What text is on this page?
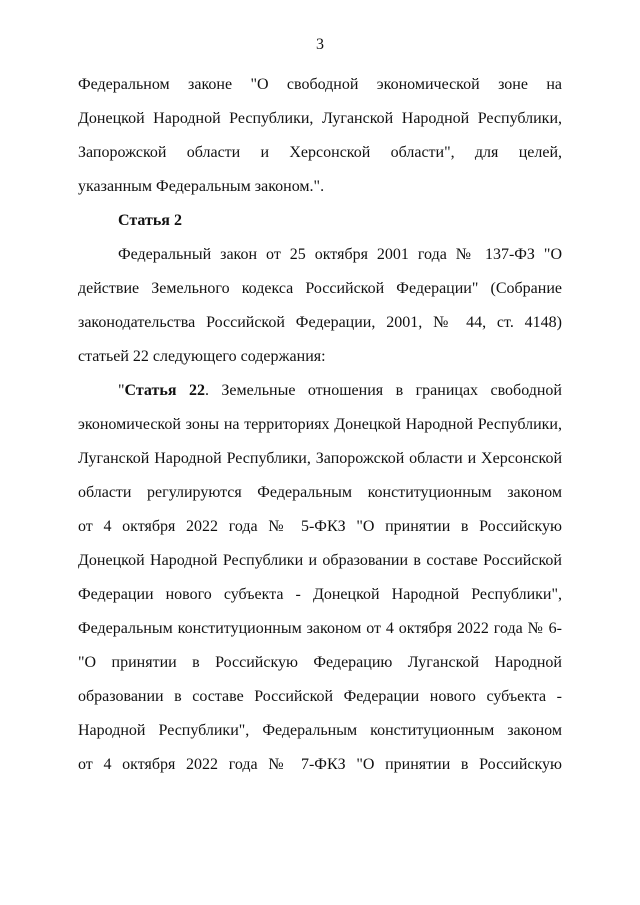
3
Федеральном законе "О свободной экономической зоне на
Донецкой Народной Республики, Луганской Народной Республики,
Запорожской области и Херсонской области", для целей,
указанным Федеральным законом.".
Статья 2
Федеральный закон от 25 октября 2001 года № 137-ФЗ "О
действие Земельного кодекса Российской Федерации" (Собрание
законодательства Российской Федерации, 2001, № 44, ст. 4148)
статьей 22 следующего содержания:
"Статья 22. Земельные отношения в границах свободной
экономической зоны на территориях Донецкой Народной Республики,
Луганской Народной Республики, Запорожской области и Херсонской
области регулируются Федеральным конституционным законом
от 4 октября 2022 года № 5-ФКЗ "О принятии в Российскую
Донецкой Народной Республики и образовании в составе Российской
Федерации нового субъекта - Донецкой Народной Республики",
Федеральным конституционным законом от 4 октября 2022 года № 6-
"О принятии в Российскую Федерацию Луганской Народной
образовании в составе Российской Федерации нового субъекта -
Народной Республики", Федеральным конституционным законом
от 4 октября 2022 года № 7-ФКЗ "О принятии в Российскую
